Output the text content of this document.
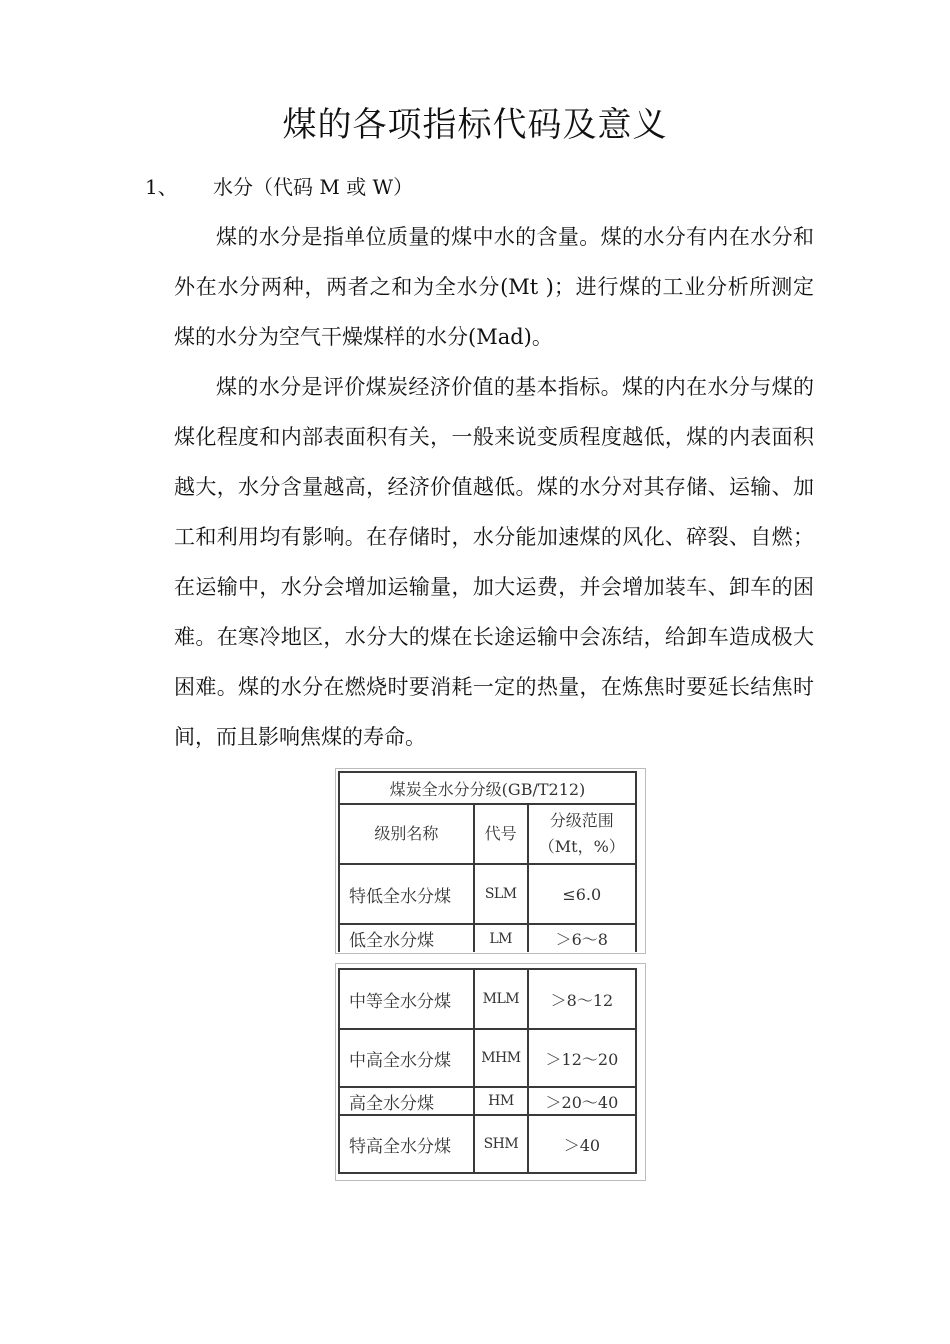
煤的各项指标代码及意义
1、 水分（代码 M 或 W）

煤的水分是指单位质量的煤中水的含量。煤的水分有内在水分和外在水分两种，两者之和为全水分(Mt )；进行煤的工业分析所测定煤的水分为空气干燥煤样的水分(Mad)。

煤的水分是评价煤炭经济价值的基本指标。煤的内在水分与煤的煤化程度和内部表面积有关，一般来说变质程度越低，煤的内表面积越大，水分含量越高，经济价值越低。煤的水分对其存储、运输、加工和利用均有影响。在存储时，水分能加速煤的风化、碎裂、自燃；在运输中，水分会增加运输量，加大运费，并会增加装车、卸车的困难。在寒冷地区，水分大的煤在长途运输中会冻结，给卸车造成极大困难。煤的水分在燃烧时要消耗一定的热量，在炼焦时要延长结焦时间，而且影响焦煤的寿命。

煤炭全水分分级(GB/T212)		
级别名称	代号	分级范围
（Mt，%）

特低全水分煤	SLM	≤6.0
低全水分煤	LM	＞6～8
中等全水分煤	MLM	＞8～12
中高全水分煤	MHM	＞12～20
高全水分煤	HM	＞20～40
特高全水分煤	SHM	＞40
